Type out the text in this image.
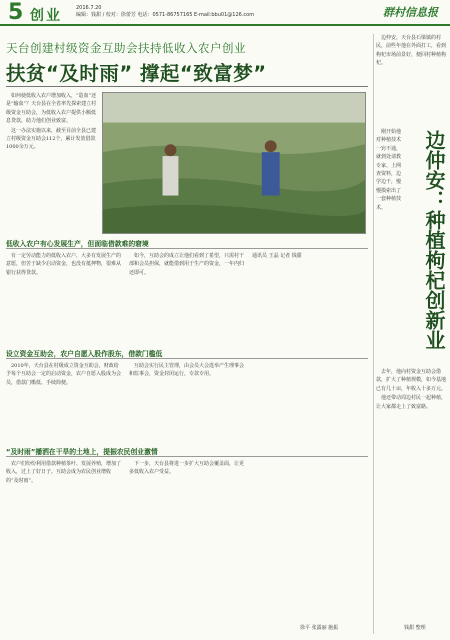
5 创业	2016.7.20
编辑：钱甜 / 校对：徐蕾芳 电话：0571-86757165 E-mail:bbu01@126.com	群村信息报
天台创建村级资金互助会扶持低收入农户创业
扶贫“及时雨” 撑起“致富梦”

如何使低收入农户增加收入，“造血”还是“输血”？天台县在全省率先探索建立村级资金互助会，为低收入农户提供小额低息贷款，助力他们创业致富。

这一办法实施以来，截至目前全县已建立村级资金互助会112个，累计发放借款1000余万元。

低收入农户有心发展生产，但面临借款难的窘境

有一定劳动能力的低收入农户，大多有发展生产的意愿，但苦于缺少启动资金，也没有抵押物，很难从银行获得贷款。

如今，互助会的成立让他们看到了希望，只需村干部和会员担保，就能借到用于生产的资金，一年内归还即可。

设立资金互助会，农户自愿入股作股东，借款门槛低

2010年，天台县在村级成立资金互助会，财政给予每个互助会一定的启动资金，农户自愿入股成为会员，借款门槛低、手续简便。

互助会实行民主管理，由会员大会选举产生理事会和监事会，资金封闭运行，专款专用。

“及时雨”播洒在干旱的土地上，提振农民创业激情

农户们纷纷利用借款种植茶叶、发展养殖，增加了收入，过上了好日子。互助会成为农民创业增收的“及时雨”。

下一步，天台县将进一步扩大互助会覆盖面，让更多低收入农户受益。

徐平 张露丽 施振
通讯员 王晶 记者 钱甜

边仲安，天台县石梁镇的村民，前些年他在外面打工，看到枸杞市场前景好，便回村种植枸杞。

边仲安：种植枸杞创新业

刚开始他对种植技术一窍不通，就到处请教专家、上网查资料，边学边干，慢慢摸索出了一套种植技术。

去年，他向村资金互助会借款，扩大了种植规模，如今基地已有几十亩，年收入十多万元。

他还带动周边村民一起种植，让大家都走上了致富路。

钱甜 整理
